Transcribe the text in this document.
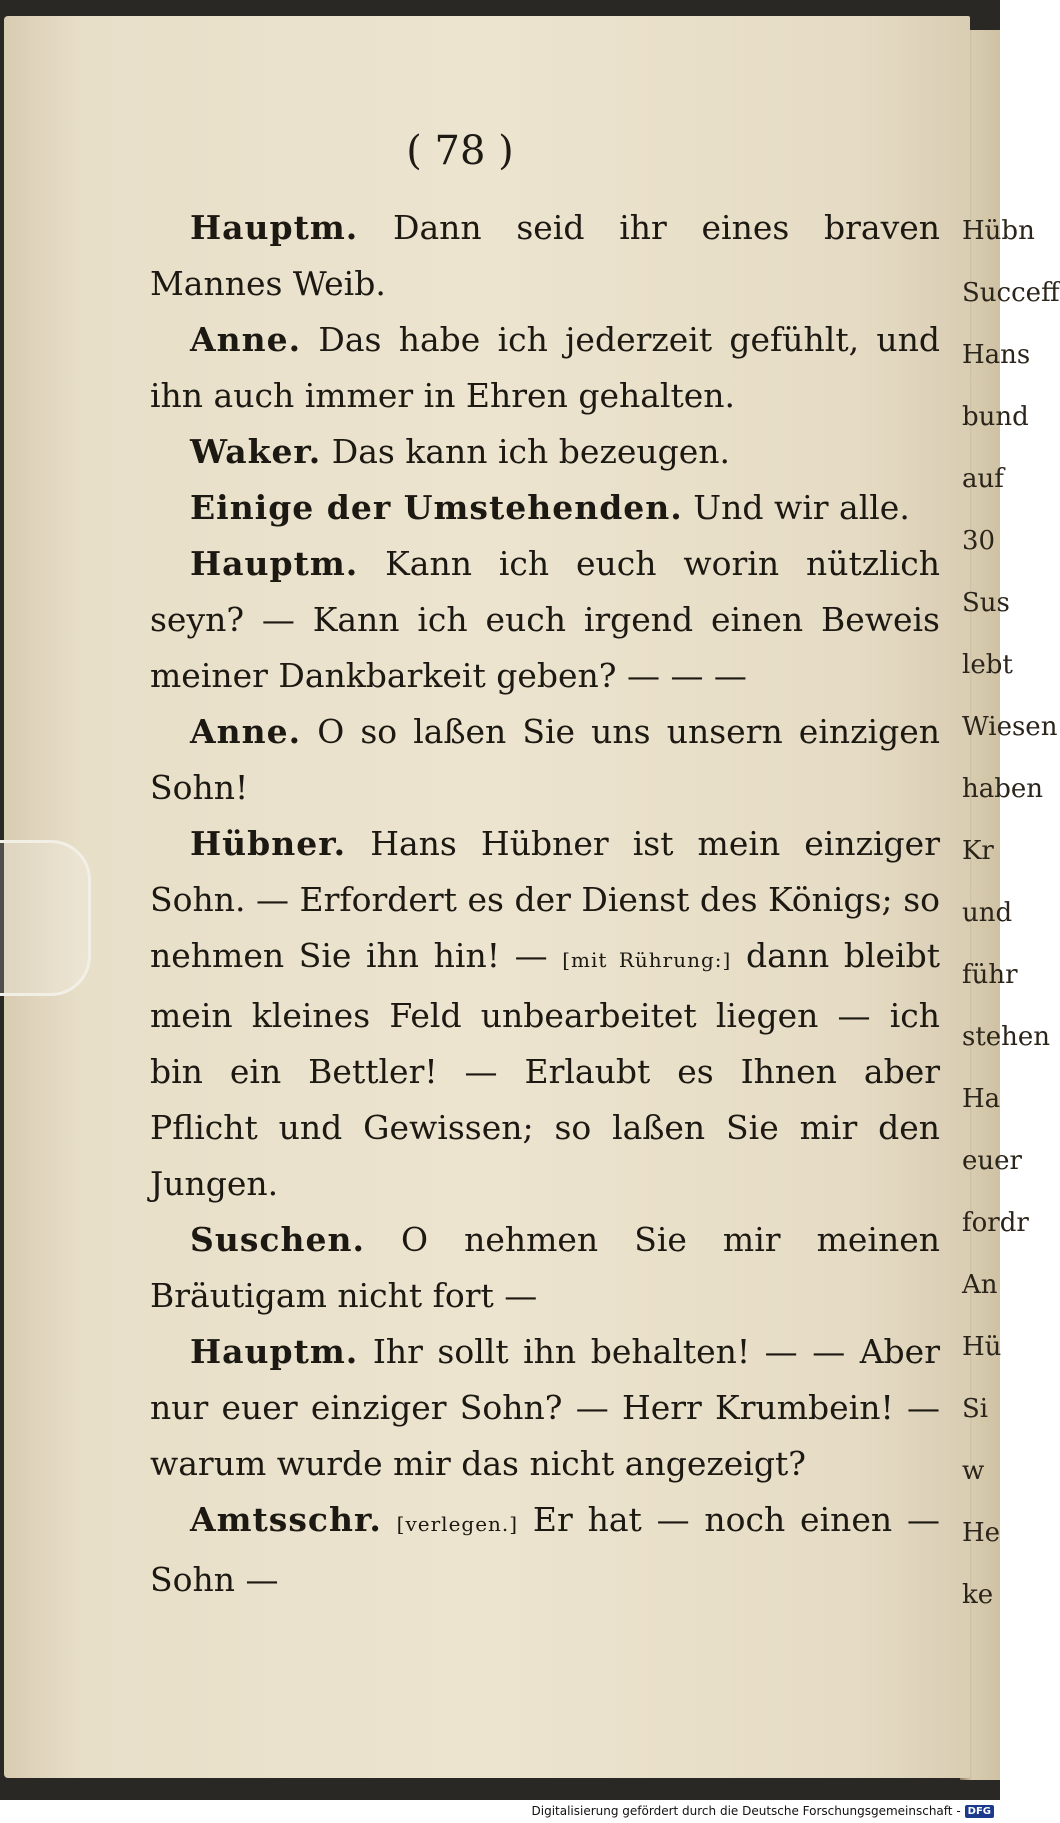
( 78 )

Hauptm. Dann seid ihr eines braven Mannes Weib.

Anne. Das habe ich jederzeit gefühlt, und ihn auch immer in Ehren gehalten.

Waker. Das kann ich bezeugen.

Einige der Umstehenden. Und wir alle.

Hauptm. Kann ich euch worin nützlich seyn? — Kann ich euch irgend einen Beweis meiner Dankbarkeit geben? — — —

Anne. O so laßen Sie uns unsern einzigen Sohn!

Hübner. Hans Hübner ist mein einziger Sohn. — Erfordert es der Dienst des Königs; so nehmen Sie ihn hin! — [mit Rührung:] dann bleibt mein kleines Feld unbearbeitet liegen — ich bin ein Bettler! — Erlaubt es Ihnen aber Pflicht und Gewissen; so laßen Sie mir den Jungen.

Suschen. O nehmen Sie mir meinen Bräutigam nicht fort —

Hauptm. Ihr sollt ihn behalten! — — Aber nur euer einziger Sohn? — Herr Krumbein! — warum wurde mir das nicht angezeigt?

Amtsschr. [verlegen.] Er hat — noch einen — Sohn —

Hübn
Succeff
Hans
bund
auf
30
Sus
lebt
Wiesen
haben
Kr
und
führ
stehen
Ha
euer
fordr
An
Hü
Si
w
He
ke
Digitalisierung gefördert durch die Deutsche Forschungsgemeinschaft - DFG
